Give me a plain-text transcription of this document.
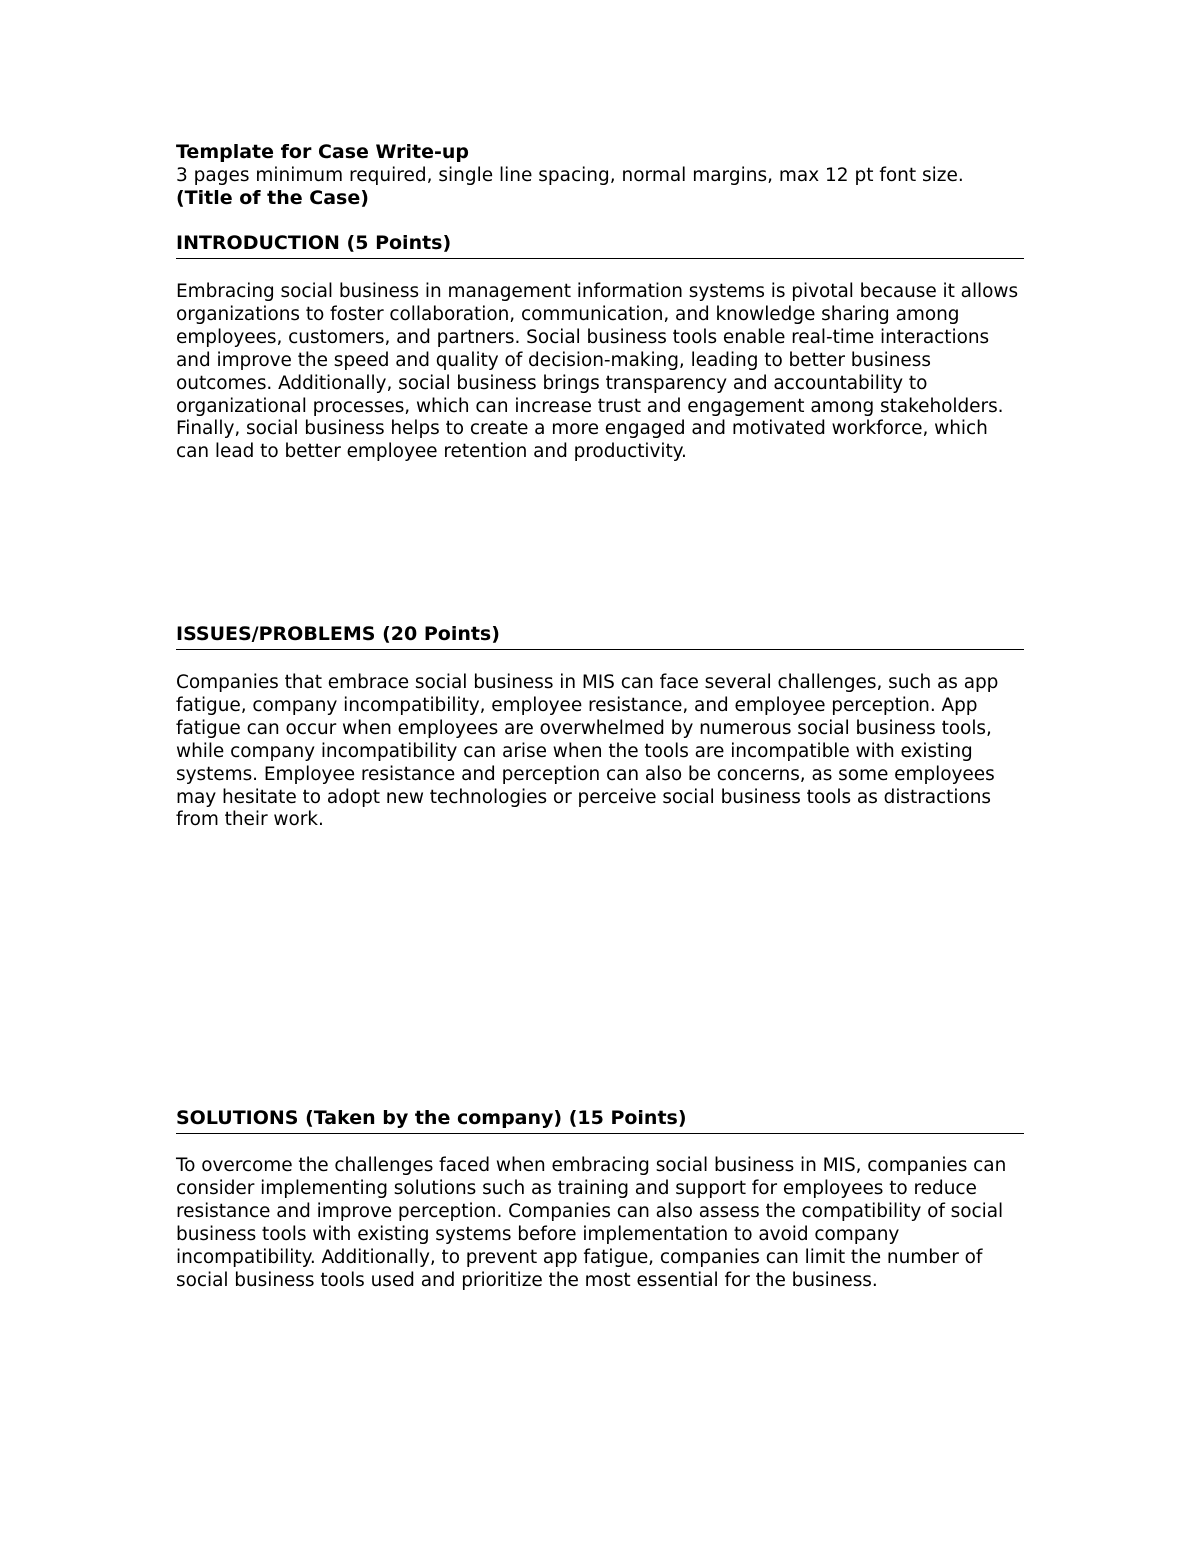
Template for Case Write-up

3 pages minimum required, single line spacing, normal margins, max 12 pt font size.

(Title of the Case)

INTRODUCTION (5 Points)

Embracing social business in management information systems is pivotal because it allows organizations to foster collaboration, communication, and knowledge sharing among employees, customers, and partners. Social business tools enable real-time interactions and improve the speed and quality of decision-making, leading to better business outcomes. Additionally, social business brings transparency and accountability to organizational processes, which can increase trust and engagement among stakeholders. Finally, social business helps to create a more engaged and motivated workforce, which can lead to better employee retention and productivity.

ISSUES/PROBLEMS (20 Points)

Companies that embrace social business in MIS can face several challenges, such as app fatigue, company incompatibility, employee resistance, and employee perception. App fatigue can occur when employees are overwhelmed by numerous social business tools, while company incompatibility can arise when the tools are incompatible with existing systems. Employee resistance and perception can also be concerns, as some employees may hesitate to adopt new technologies or perceive social business tools as distractions from their work.

SOLUTIONS (Taken by the company) (15 Points)

To overcome the challenges faced when embracing social business in MIS, companies can consider implementing solutions such as training and support for employees to reduce resistance and improve perception. Companies can also assess the compatibility of social business tools with existing systems before implementation to avoid company incompatibility. Additionally, to prevent app fatigue, companies can limit the number of social business tools used and prioritize the most essential for the business.
